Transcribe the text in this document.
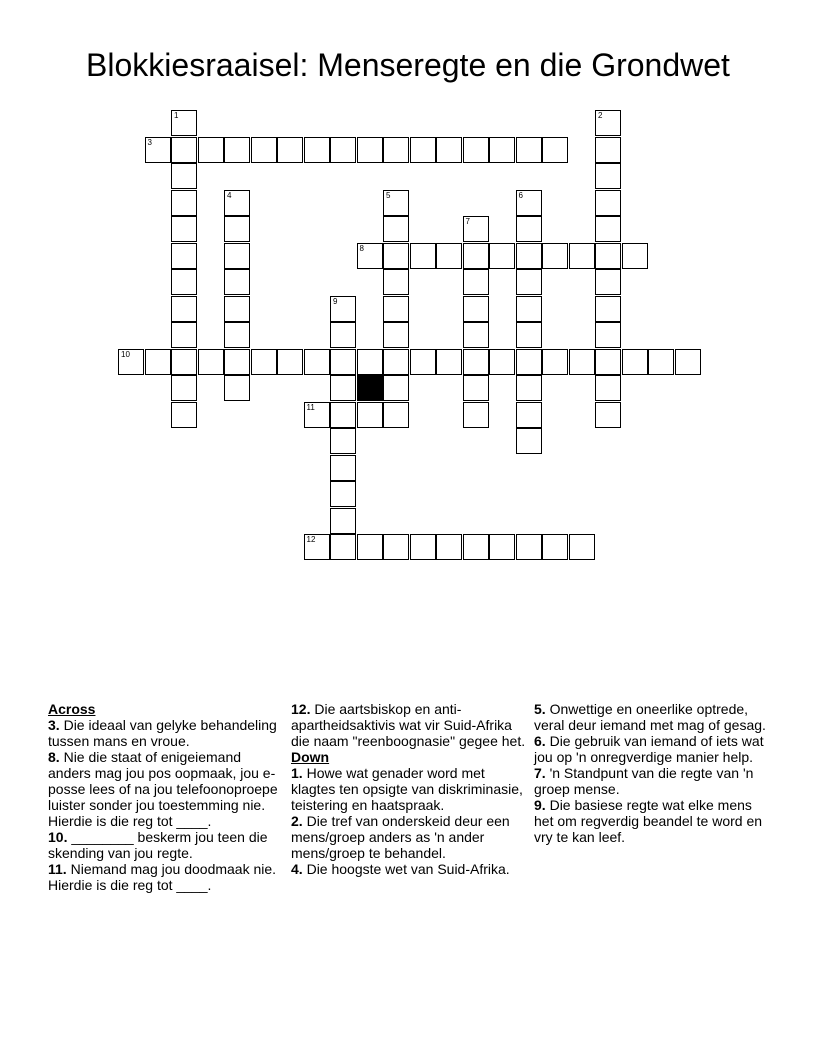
Blokkiesraaisel: Menseregte en die Grondwet
1	2
3
4	5	6
7
8
9
10
11
12
Across

3. Die ideaal van gelyke behandeling tussen mans en vroue.

8. Nie die staat of enigeiemand anders mag jou pos oopmaak, jou e-posse lees of na jou telefoonoproepe luister sonder jou toestemming nie. Hierdie is die reg tot ____.

10. ________ beskerm jou teen die skending van jou regte.

11. Niemand mag jou doodmaak nie. Hierdie is die reg tot ____.

12. Die aartsbiskop en anti-apartheidsaktivis wat vir Suid-Afrika die naam "reenboognasie" gegee het.

Down

1. Howe wat genader word met klagtes ten opsigte van diskriminasie, teistering en haatspraak.

2. Die tref van onderskeid deur een mens/groep anders as 'n ander mens/groep te behandel.

4. Die hoogste wet van Suid-Afrika.

5. Onwettige en oneerlike optrede, veral deur iemand met mag of gesag.

6. Die gebruik van iemand of iets wat jou op 'n onregverdige manier help.

7. 'n Standpunt van die regte van 'n groep mense.

9. Die basiese regte wat elke mens het om regverdig beandel te word en vry te kan leef.
